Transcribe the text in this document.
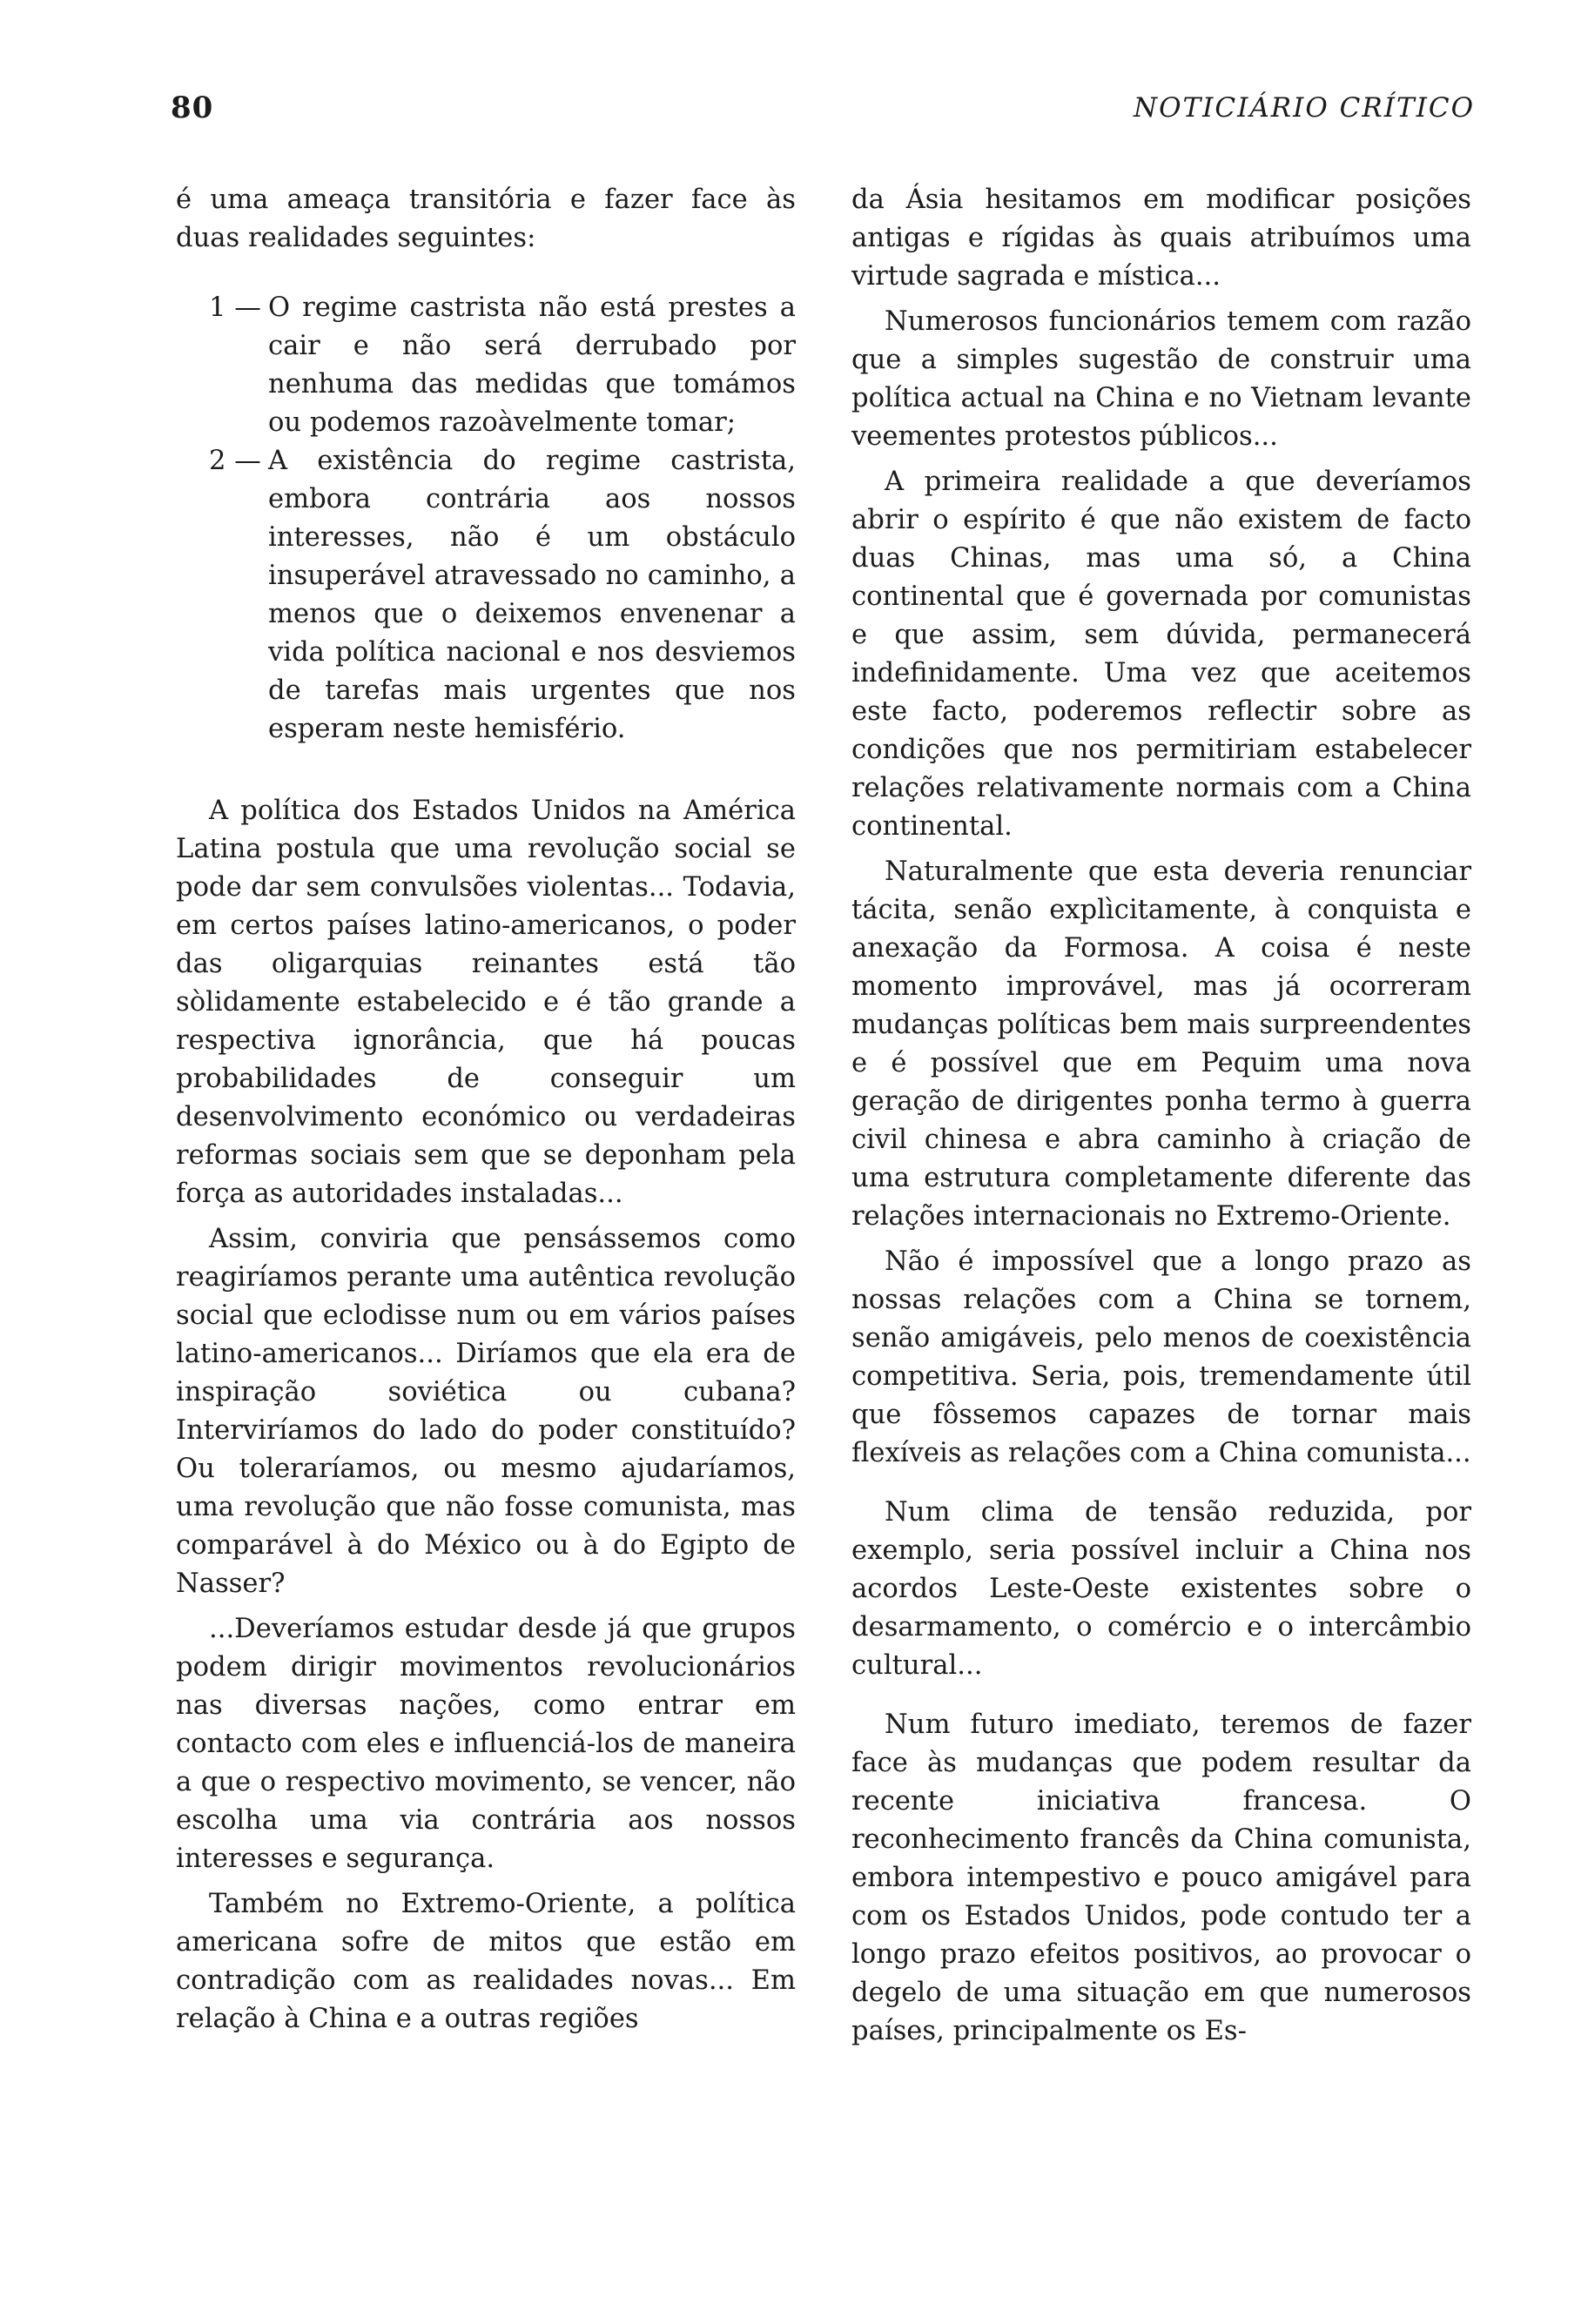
80	NOTICIÁRIO CRÍTICO

é uma ameaça transitória e fazer face às duas realidades seguintes:

1 — O regime castrista não está prestes a cair e não será derrubado por nenhuma das medidas que tomámos ou podemos razoàvelmente tomar;
2 — A existência do regime castrista, embora contrária aos nossos interesses, não é um obstáculo insuperável atravessado no caminho, a menos que o deixemos envenenar a vida política nacional e nos desviemos de tarefas mais urgentes que nos esperam neste hemisfério.

A política dos Estados Unidos na América Latina postula que uma revolução social se pode dar sem convulsões violentas... Todavia, em certos países latino-americanos, o poder das oligarquias reinantes está tão sòlidamente estabelecido e é tão grande a respectiva ignorância, que há poucas probabilidades de conseguir um desenvolvimento económico ou verdadeiras reformas sociais sem que se deponham pela força as autoridades instaladas...

Assim, conviria que pensássemos como reagiríamos perante uma autêntica revolução social que eclodisse num ou em vários países latino-americanos... Diríamos que ela era de inspiração soviética ou cubana? Interviríamos do lado do poder constituído? Ou toleraríamos, ou mesmo ajudaríamos, uma revolução que não fosse comunista, mas comparável à do México ou à do Egipto de Nasser?

...Deveríamos estudar desde já que grupos podem dirigir movimentos revolucionários nas diversas nações, como entrar em contacto com eles e influenciá-los de maneira a que o respectivo movimento, se vencer, não escolha uma via contrária aos nossos interesses e segurança.

Também no Extremo-Oriente, a política americana sofre de mitos que estão em contradição com as realidades novas... Em relação à China e a outras regiões

da Ásia hesitamos em modificar posições antigas e rígidas às quais atribuímos uma virtude sagrada e mística...

Numerosos funcionários temem com razão que a simples sugestão de construir uma política actual na China e no Vietnam levante veementes protestos públicos...

A primeira realidade a que deveríamos abrir o espírito é que não existem de facto duas Chinas, mas uma só, a China continental que é governada por comunistas e que assim, sem dúvida, permanecerá indefinidamente. Uma vez que aceitemos este facto, poderemos reflectir sobre as condições que nos permitiriam estabelecer relações relativamente normais com a China continental.

Naturalmente que esta deveria renunciar tácita, senão explìcitamente, à conquista e anexação da Formosa. A coisa é neste momento improvável, mas já ocorreram mudanças políticas bem mais surpreendentes e é possível que em Pequim uma nova geração de dirigentes ponha termo à guerra civil chinesa e abra caminho à criação de uma estrutura completamente diferente das relações internacionais no Extremo-Oriente.

Não é impossível que a longo prazo as nossas relações com a China se tornem, senão amigáveis, pelo menos de coexistência competitiva. Seria, pois, tremendamente útil que fôssemos capazes de tornar mais flexíveis as relações com a China comunista...

Num clima de tensão reduzida, por exemplo, seria possível incluir a China nos acordos Leste-Oeste existentes sobre o desarmamento, o comércio e o intercâmbio cultural...

Num futuro imediato, teremos de fazer face às mudanças que podem resultar da recente iniciativa francesa. O reconhecimento francês da China comunista, embora intempestivo e pouco amigável para com os Estados Unidos, pode contudo ter a longo prazo efeitos positivos, ao provocar o degelo de uma situação em que numerosos países, principalmente os Es-
